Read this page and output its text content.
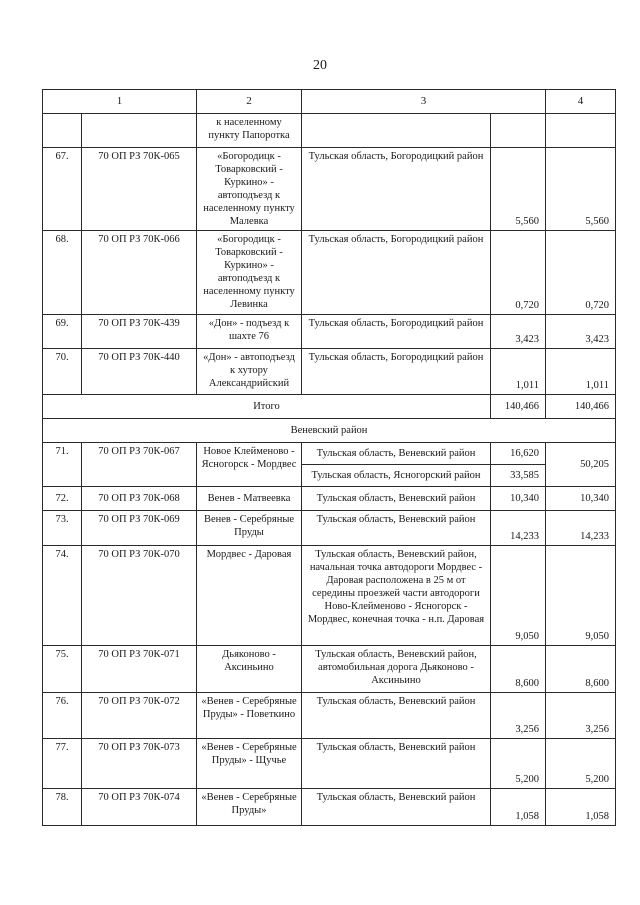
20
1		2	3		4
		к населенному пункту Папоротка			
67.	70 ОП РЗ 70К-065	«Богородицк - Товарковский - Куркино» - автоподъезд к населенному пункту Малевка	Тульская область, Богородицкий район	5,560	5,560
68.	70 ОП РЗ 70К-066	«Богородицк - Товарковский - Куркино» - автоподъезд к населенному пункту Левинка	Тульская область, Богородицкий район	0,720	0,720
69.	70 ОП РЗ 70К-439	«Дон» - подъезд к шахте 76	Тульская область, Богородицкий район	3,423	3,423
70.	70 ОП РЗ 70К-440	«Дон» - автоподъезд к хутору Александрийский	Тульская область, Богородицкий район	1,011	1,011
Итого				140,466	140,466
Веневский район					
71.	70 ОП РЗ 70К-067	Новое Клейменово - Ясногорск - Мордвес	Тульская область, Веневский район	16,620	50,205
			Тульская область, Ясногорский район	33,585	
72.	70 ОП РЗ 70К-068	Венев - Матвеевка	Тульская область, Веневский район	10,340	10,340
73.	70 ОП РЗ 70К-069	Венев - Серебряные Пруды	Тульская область, Веневский район	14,233	14,233
74.	70 ОП РЗ 70К-070	Мордвес - Даровая	Тульская область, Веневский район, начальная точка автодороги Мордвес - Даровая расположена в 25 м от середины проезжей части автодороги Ново-Клейменово - Ясногорск - Мордвес, конечная точка - н.п. Даровая	9,050	9,050
75.	70 ОП РЗ 70К-071	Дьяконово - Аксиньино	Тульская область, Веневский район, автомобильная дорога Дьяконово - Аксиньино	8,600	8,600
76.	70 ОП РЗ 70К-072	«Венев - Серебряные Пруды» - Поветкино	Тульская область, Веневский район	3,256	3,256
77.	70 ОП РЗ 70К-073	«Венев - Серебряные Пруды» - Щучье	Тульская область, Веневский район	5,200	5,200
78.	70 ОП РЗ 70К-074	«Венев - Серебряные Пруды»	Тульская область, Веневский район	1,058	1,058
